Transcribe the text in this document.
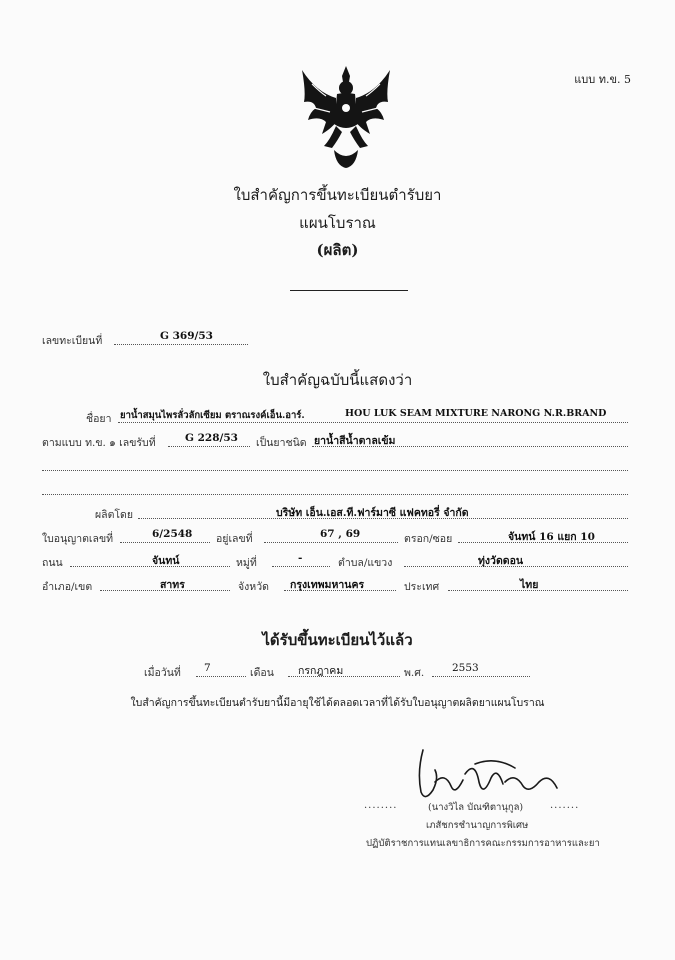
แบบ ท.ข. 5
ใบสำคัญการขึ้นทะเบียนตำรับยา
แผนโบราณ
(ผลิต)
เลขทะเบียนที่	G 369/53
ใบสำคัญฉบับนี้แสดงว่า
ชื่อยา ยาน้ำสมุนไพรลั่วลักเซียม ตราณรงค์เอ็น.อาร์.	HOU LUK SEAM MIXTURE NARONG N.R.BRAND
ตามแบบ ท.ข. ๑ เลขรับที่	G 228/53 เป็นยาชนิด ยาน้ำสีน้ำตาลเข้ม
ผลิตโดย	บริษัท เอ็น.เอส.ที.ฟาร์มาซี แฟคทอรี่ จำกัด
ใบอนุญาตเลขที่	6/2548 อยู่เลขที่	67 , 69	ตรอก/ซอย	จันทน์ 16 แยก 10
ถนน	จันทน์	หมู่ที่	-	ตำบล/แขวง	ทุ่งวัดดอน
อำเภอ/เขต	สาทร	จังหวัด กรุงเทพมหานคร	ประเทศ	ไทย
ได้รับขึ้นทะเบียนไว้แล้ว
เมื่อวันที่ 7	เดือน กรกฎาคม	พ.ศ.	2553
ใบสำคัญการขึ้นทะเบียนตำรับยานี้มีอายุใช้ได้ตลอดเวลาที่ได้รับใบอนุญาตผลิตยาแผนโบราณ
........	(นางวิไล บัณฑิตานุกูล)	.......
เภสัชกรชำนาญการพิเศษ
ปฏิบัติราชการแทนเลขาธิการคณะกรรมการอาหารและยา
